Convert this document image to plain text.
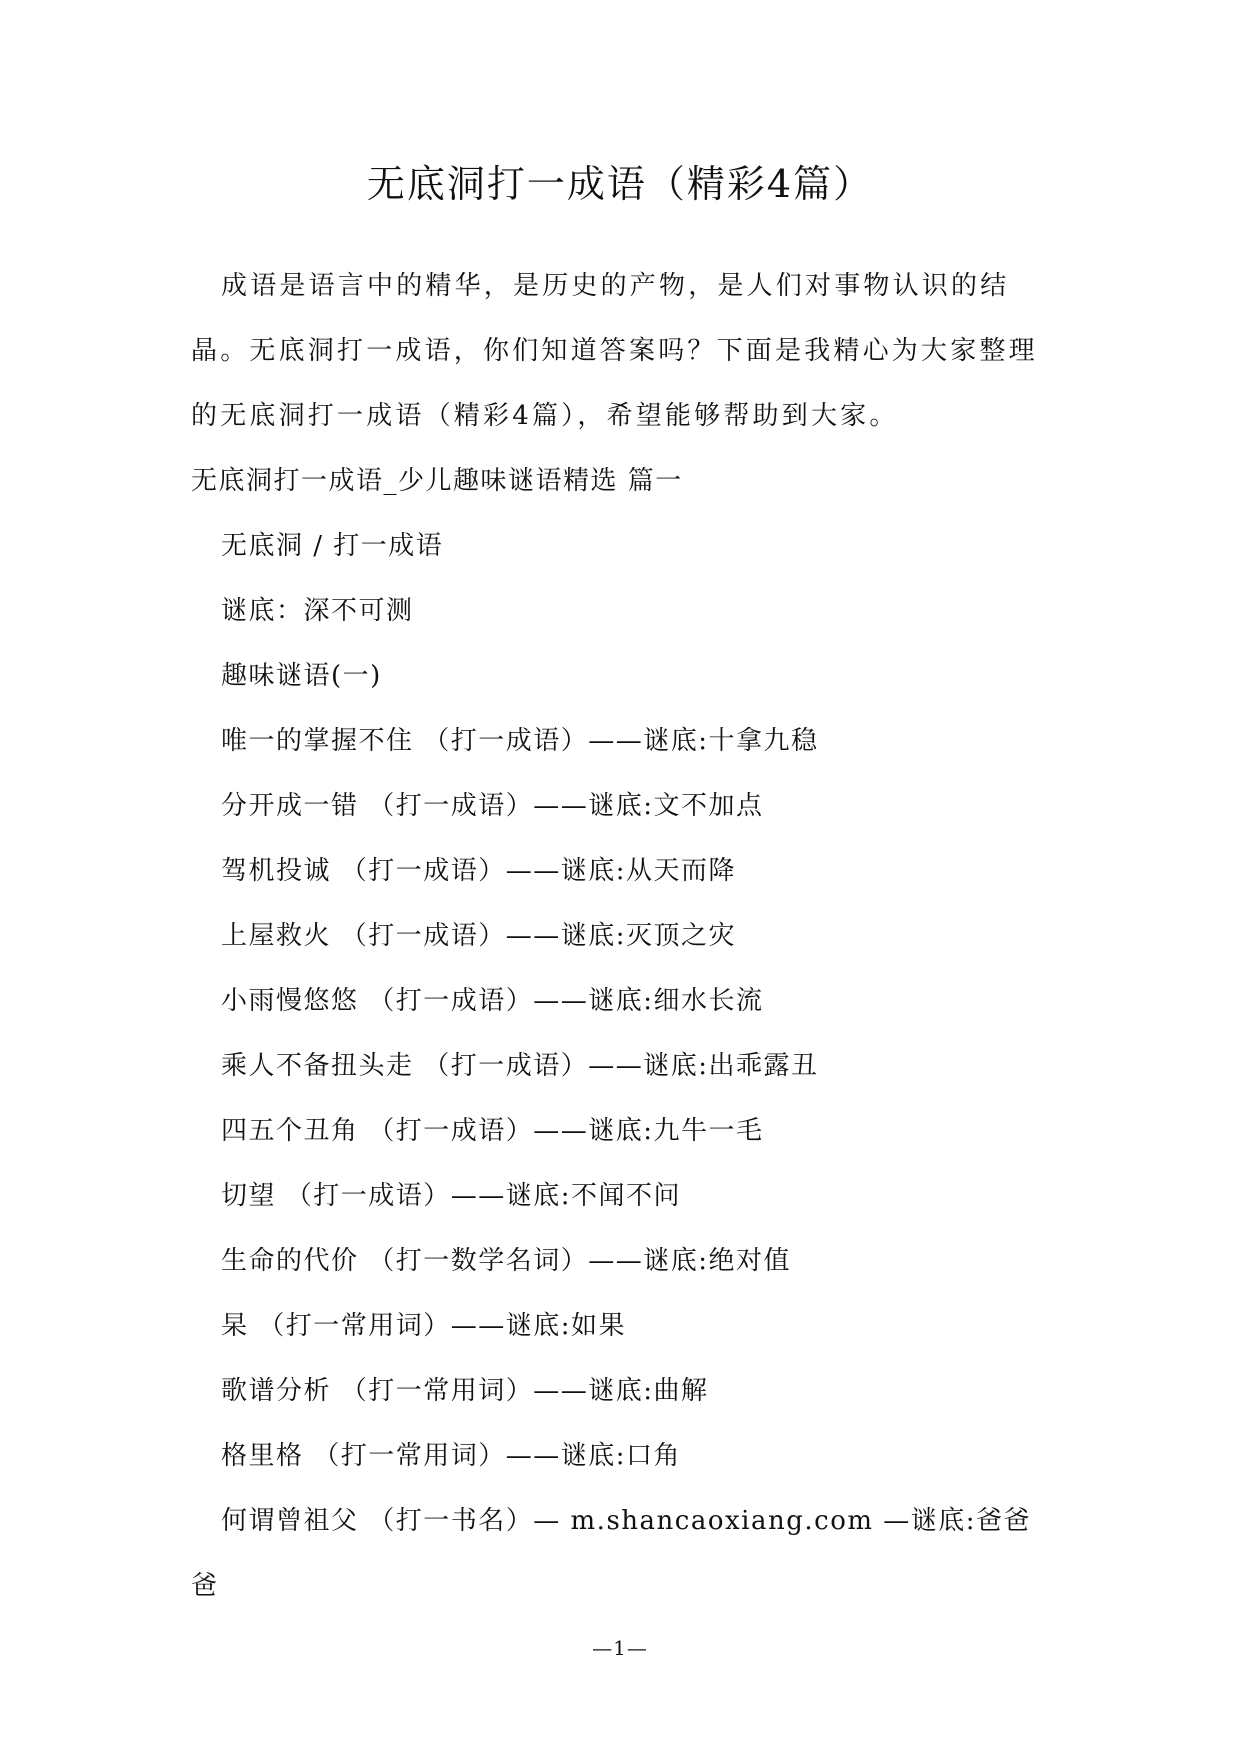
无底洞打一成语（精彩4篇）

成语是语言中的精华，是历史的产物，是人们对事物认识的结晶。无底洞打一成语，你们知道答案吗？下面是我精心为大家整理的无底洞打一成语（精彩4篇），希望能够帮助到大家。

无底洞打一成语_少儿趣味谜语精选 篇一

无底洞 / 打一成语

谜底：深不可测

趣味谜语(一)

唯一的掌握不住 （打一成语）——谜底:十拿九稳

分开成一错 （打一成语）——谜底:文不加点

驾机投诚 （打一成语）——谜底:从天而降

上屋救火 （打一成语）——谜底:灭顶之灾

小雨慢悠悠 （打一成语）——谜底:细水长流

乘人不备扭头走 （打一成语）——谜底:出乖露丑

四五个丑角 （打一成语）——谜底:九牛一毛

切望 （打一成语）——谜底:不闻不问

生命的代价 （打一数学名词）——谜底:绝对值

杲 （打一常用词）——谜底:如果

歌谱分析 （打一常用词）——谜底:曲解

格里格 （打一常用词）——谜底:口角

何谓曾祖父 （打一书名）— m.shancaoxiang.com —谜底:爸爸爸

—1—
